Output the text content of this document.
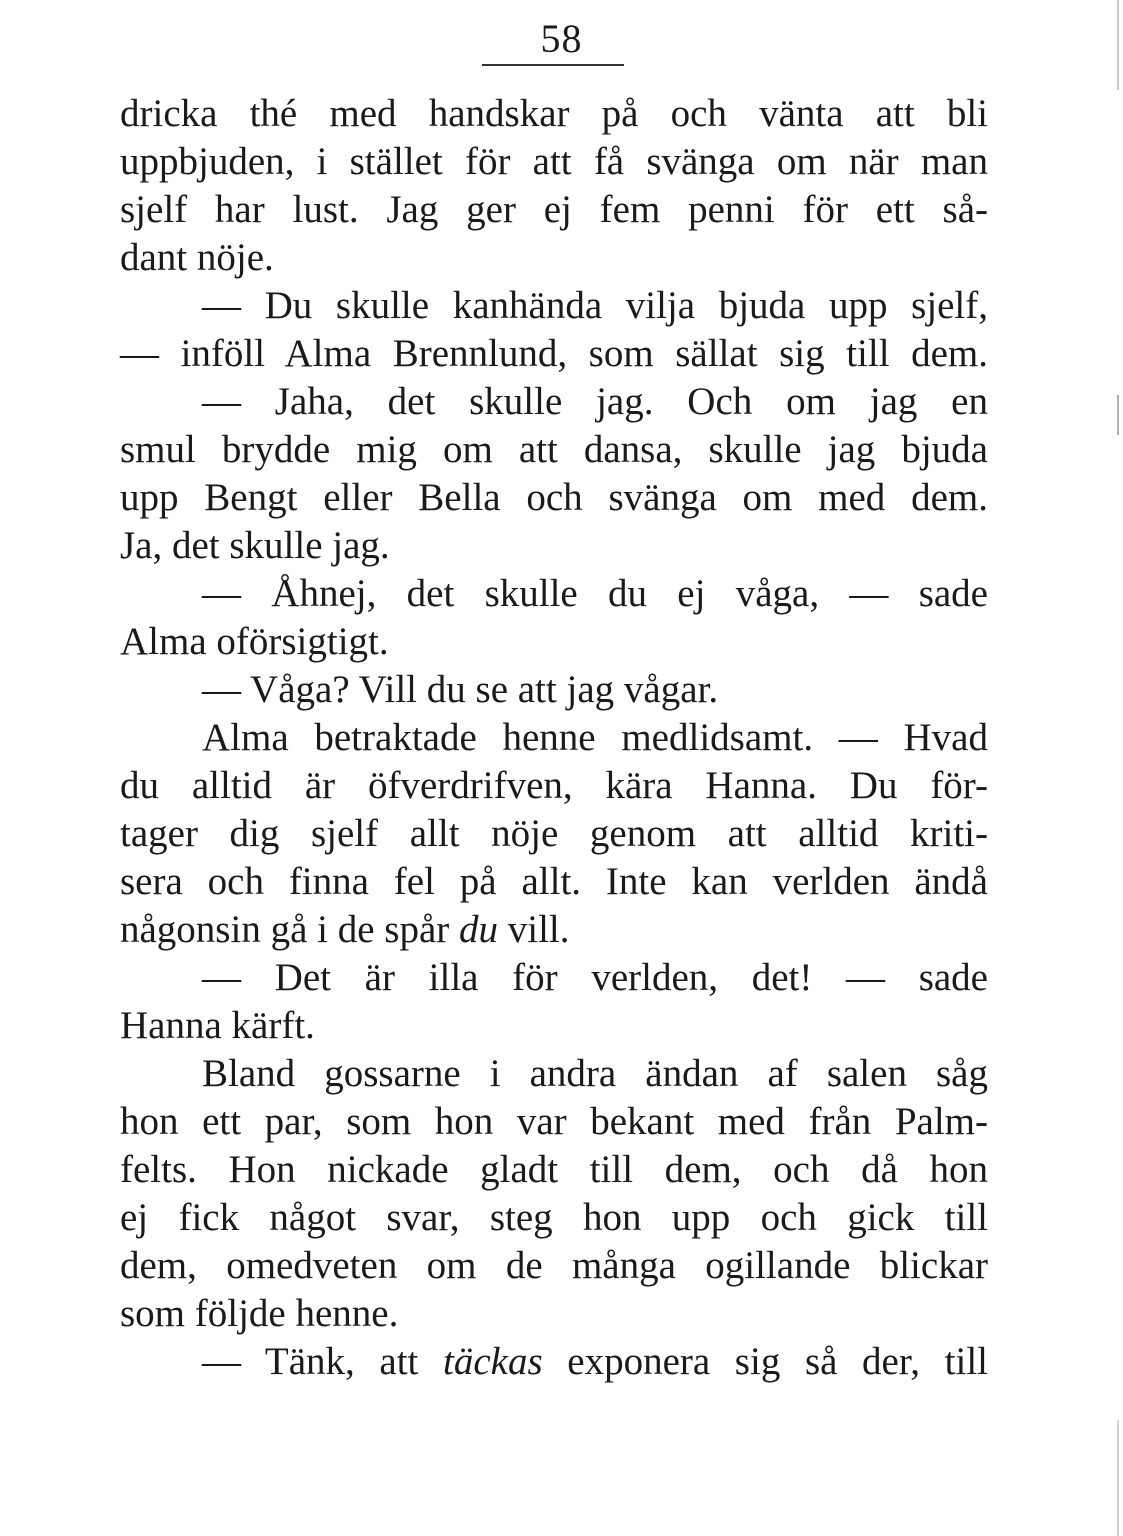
58
dricka thé med handskar på och vänta att bli
uppbjuden, i stället för att få svänga om när man
sjelf har lust. Jag ger ej fem penni för ett så-
dant nöje.
— Du skulle kanhända vilja bjuda upp sjelf,
— inföll Alma Brennlund, som sällat sig till dem.
— Jaha, det skulle jag. Och om jag en
smul brydde mig om att dansa, skulle jag bjuda
upp Bengt eller Bella och svänga om med dem.
Ja, det skulle jag.
— Åhnej, det skulle du ej våga, — sade
Alma oförsigtigt.
— Våga? Vill du se att jag vågar.
Alma betraktade henne medlidsamt. — Hvad
du alltid är öfverdrifven, kära Hanna. Du för-
tager dig sjelf allt nöje genom att alltid kriti-
sera och finna fel på allt. Inte kan verlden ändå
någonsin gå i de spår du vill.
— Det är illa för verlden, det! — sade
Hanna kärft.
Bland gossarne i andra ändan af salen såg
hon ett par, som hon var bekant med från Palm-
felts. Hon nickade gladt till dem, och då hon
ej fick något svar, steg hon upp och gick till
dem, omedveten om de många ogillande blickar
som följde henne.
— Tänk, att täckas exponera sig så der, till
